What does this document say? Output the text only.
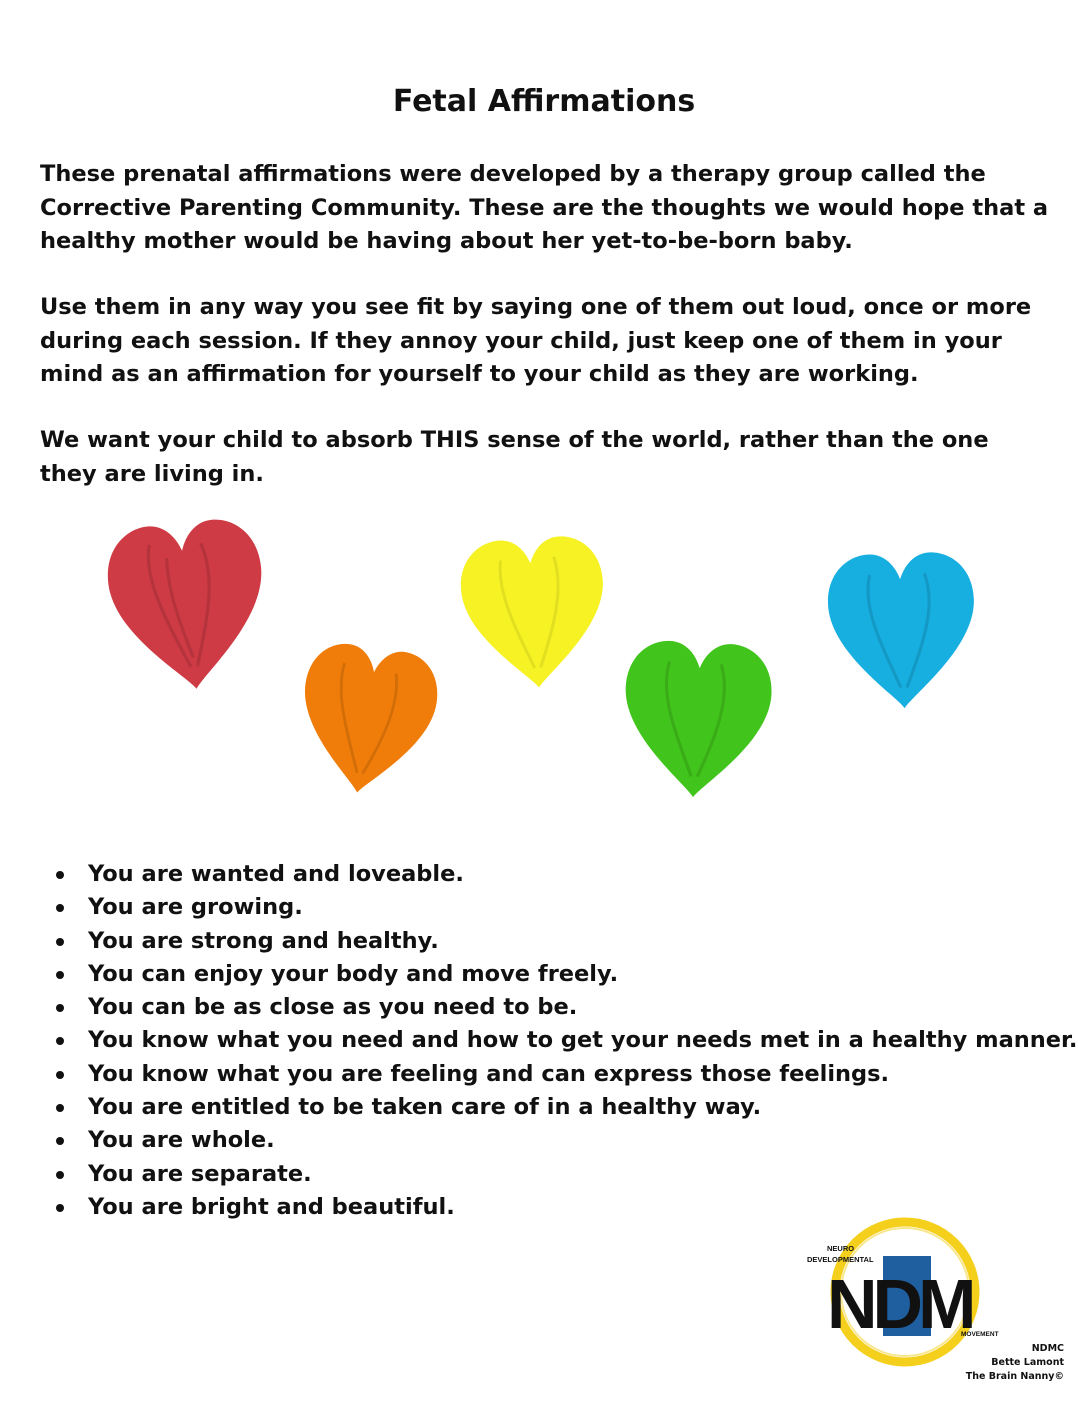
Fetal Affirmations

These prenatal affirmations were developed by a therapy group called the Corrective Parenting Community. These are the thoughts we would hope that a healthy mother would be having about her yet-to-be-born baby.

Use them in any way you see fit by saying one of them out loud, once or more during each session. If they annoy your child, just keep one of them in your mind as an affirmation for yourself to your child as they are working.

We want your child to absorb THIS sense of the world, rather than the one they are living in.

You are wanted and loveable.
You are growing.
You are strong and healthy.
You can enjoy your body and move freely.
You can be as close as you need to be.
You know what you need and how to get your needs met in a healthy manner.
You know what you are feeling and can express those feelings.
You are entitled to be taken care of in a healthy way.
You are whole.
You are separate.
You are bright and beautiful.
NEURO
DEVELOPMENTAL
NDM
MOVEMENT
NDMC
Bette Lamont
The Brain Nanny©
